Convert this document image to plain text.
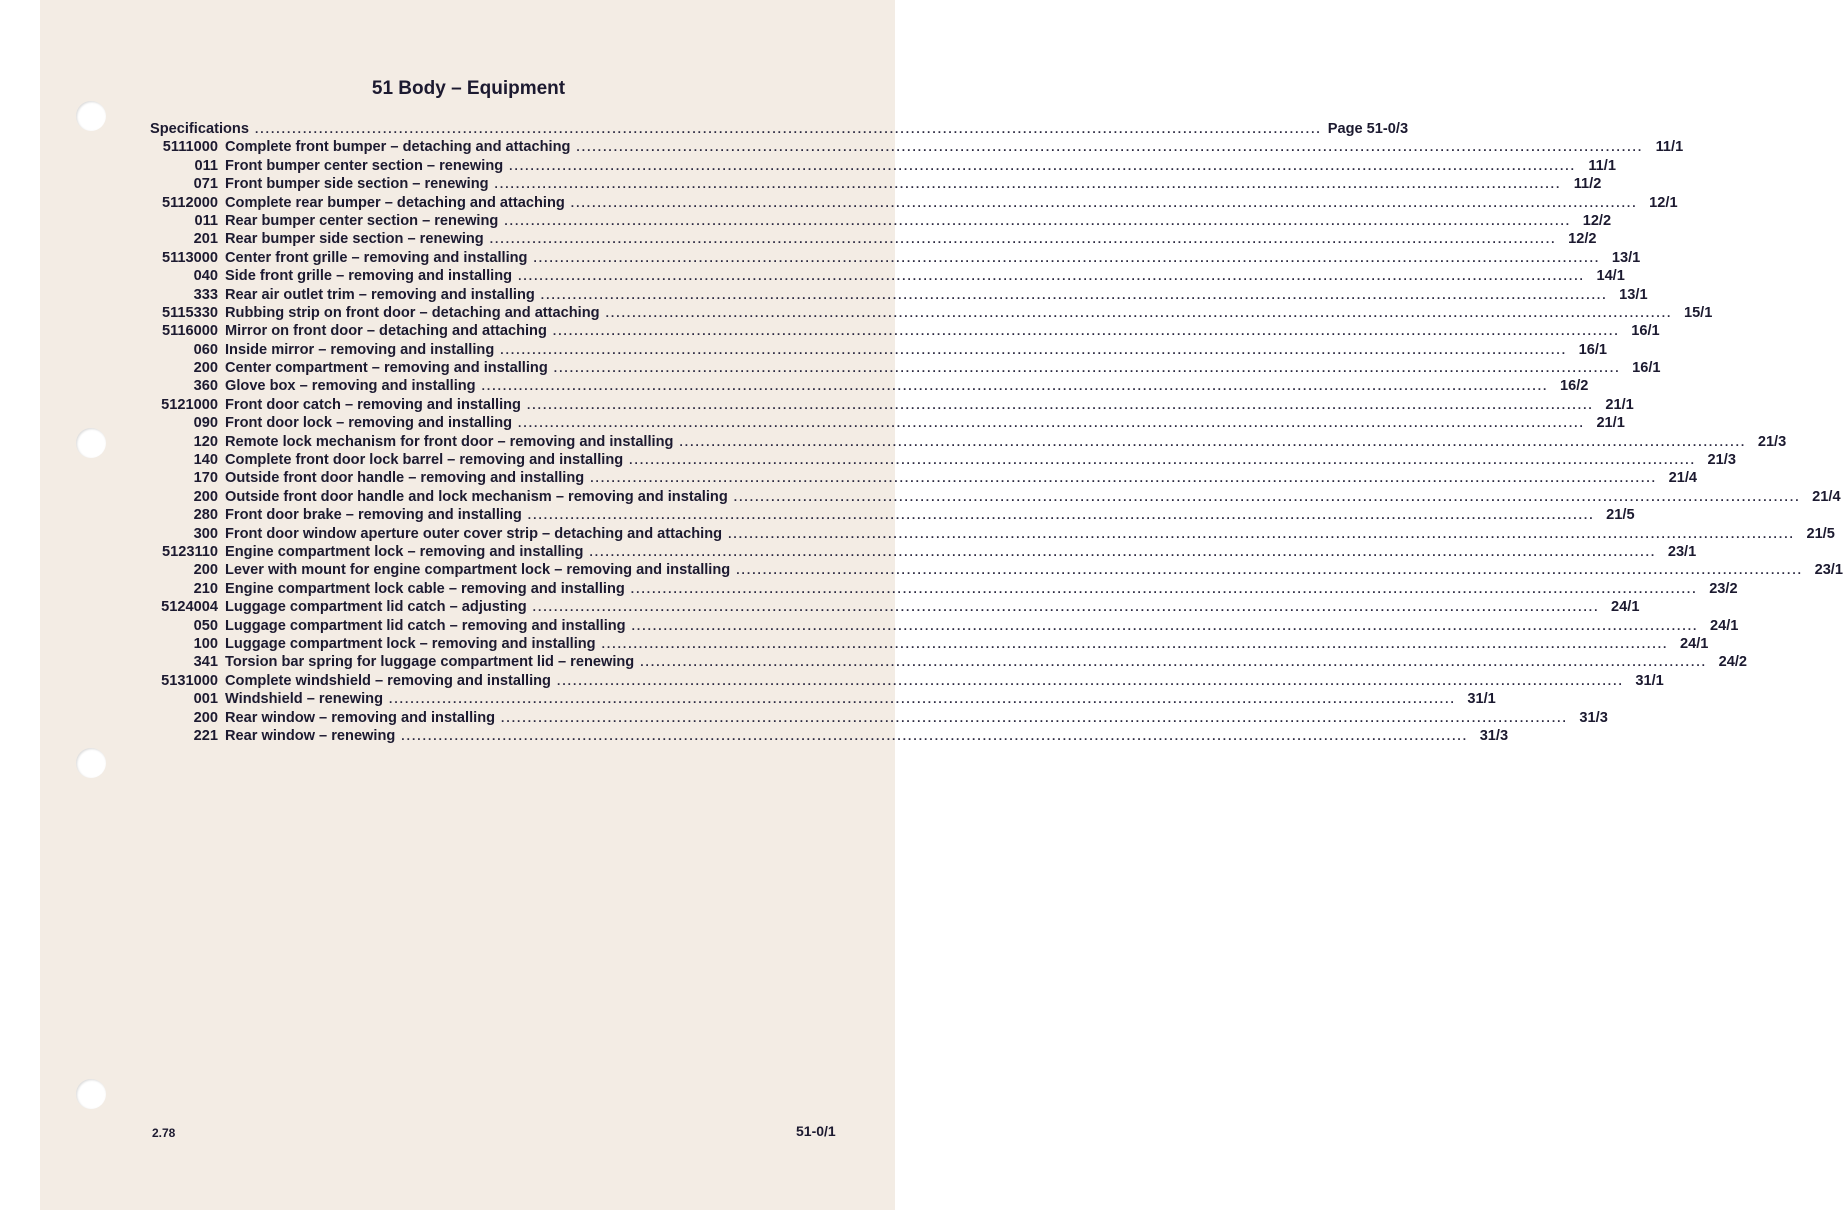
51 Body – Equipment
Specifications ........................................................................................................................................................................................................ Page 51-0/3
5111000 Complete front bumper – detaching and attaching ........................................................................................................................................................................................................ 11/1
011 Front bumper center section – renewing ........................................................................................................................................................................................................ 11/1
071 Front bumper side section – renewing ........................................................................................................................................................................................................ 11/2
5112000 Complete rear bumper – detaching and attaching ........................................................................................................................................................................................................ 12/1
011 Rear bumper center section – renewing ........................................................................................................................................................................................................ 12/2
201 Rear bumper side section – renewing ........................................................................................................................................................................................................ 12/2
5113000 Center front grille – removing and installing ........................................................................................................................................................................................................ 13/1
040 Side front grille – removing and installing ........................................................................................................................................................................................................ 14/1
333 Rear air outlet trim – removing and installing ........................................................................................................................................................................................................ 13/1
5115330 Rubbing strip on front door – detaching and attaching ........................................................................................................................................................................................................ 15/1
5116000 Mirror on front door – detaching and attaching ........................................................................................................................................................................................................ 16/1
060 Inside mirror – removing and installing ........................................................................................................................................................................................................ 16/1
200 Center compartment – removing and installing ........................................................................................................................................................................................................ 16/1
360 Glove box – removing and installing ........................................................................................................................................................................................................ 16/2
5121000 Front door catch – removing and installing ........................................................................................................................................................................................................ 21/1
090 Front door lock – removing and installing ........................................................................................................................................................................................................ 21/1
120 Remote lock mechanism for front door – removing and installing ........................................................................................................................................................................................................ 21/3
140 Complete front door lock barrel – removing and installing ........................................................................................................................................................................................................ 21/3
170 Outside front door handle – removing and installing ........................................................................................................................................................................................................ 21/4
200 Outside front door handle and lock mechanism – removing and instaling ........................................................................................................................................................................................................ 21/4
280 Front door brake – removing and installing ........................................................................................................................................................................................................ 21/5
300 Front door window aperture outer cover strip – detaching and attaching ........................................................................................................................................................................................................ 21/5
5123110 Engine compartment lock – removing and installing ........................................................................................................................................................................................................ 23/1
200 Lever with mount for engine compartment lock – removing and installing ........................................................................................................................................................................................................ 23/1
210 Engine compartment lock cable – removing and installing ........................................................................................................................................................................................................ 23/2
5124004 Luggage compartment lid catch – adjusting ........................................................................................................................................................................................................ 24/1
050 Luggage compartment lid catch – removing and installing ........................................................................................................................................................................................................ 24/1
100 Luggage compartment lock – removing and installing ........................................................................................................................................................................................................ 24/1
341 Torsion bar spring for luggage compartment lid – renewing ........................................................................................................................................................................................................ 24/2
5131000 Complete windshield – removing and installing ........................................................................................................................................................................................................ 31/1
001 Windshield – renewing ........................................................................................................................................................................................................ 31/1
200 Rear window – removing and installing ........................................................................................................................................................................................................ 31/3
221 Rear window – renewing ........................................................................................................................................................................................................ 31/3
2.78	51-0/1
